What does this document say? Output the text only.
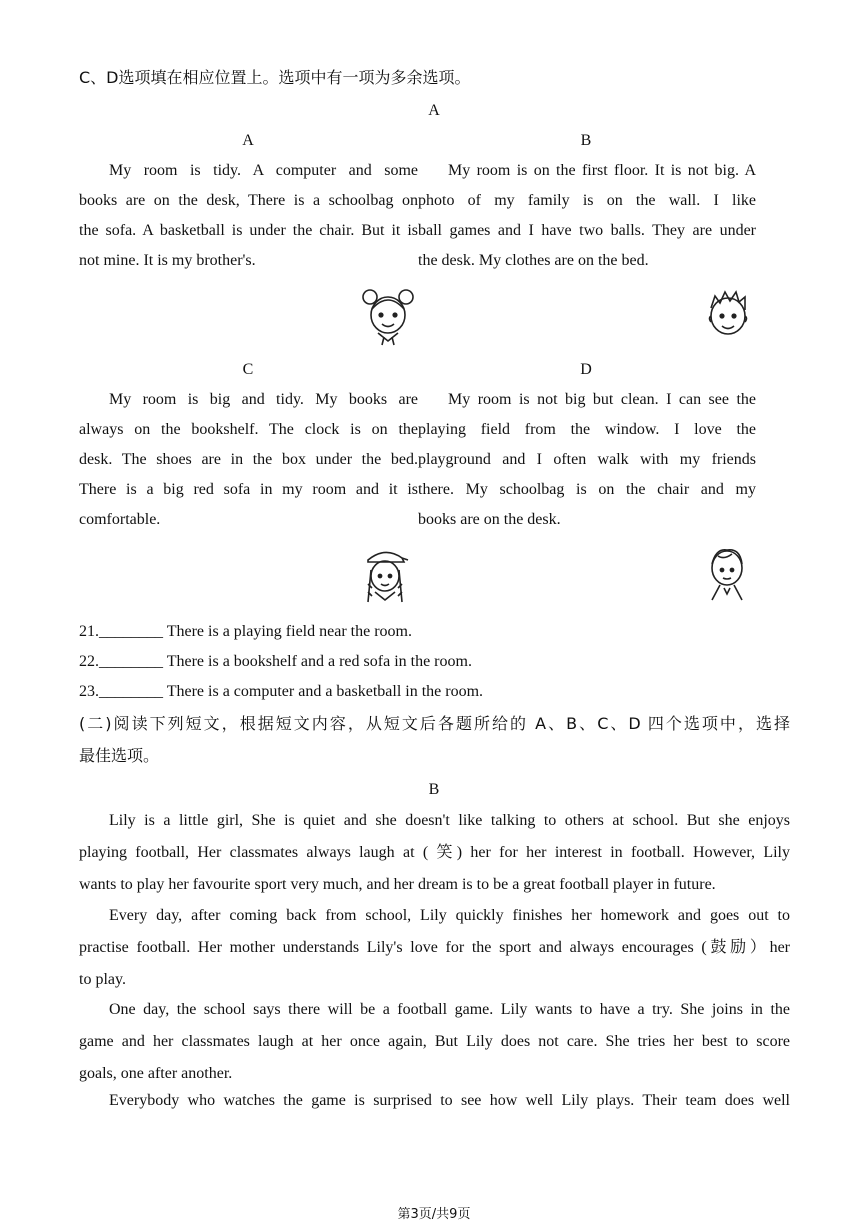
C、D选项填在相应位置上。选项中有一项为多余选项。
A
A	B
My room is tidy. A computer and some
books are on the desk, There is a schoolbag on
the sofa. A basketball is under the chair. But it is
not mine. It is my brother's.
My room is on the first floor. It is not big. A
photo of my family is on the wall. I like
ball games and I have two balls. They are under
the desk. My clothes are on the bed.
C	D
My room is big and tidy. My books are
always on the bookshelf. The clock is on the
desk. The shoes are in the box under the bed.
There is a big red sofa in my room and it is
comfortable.
My room is not big but clean. I can see the
playing field from the window. I love the
playground and I often walk with my friends
there. My schoolbag is on the chair and my
books are on the desk.
21.________ There is a playing field near the room.
22.________ There is a bookshelf and a red sofa in the room.
23.________ There is a computer and a basketball in the room.
(二)阅读下列短文，根据短文内容，从短文后各题所给的 A、B、C、D 四个选项中，选择
最佳选项。
B
Lily is a little girl, She is quiet and she doesn't like talking to others at school. But she enjoys
playing football, Her classmates always laugh at ( 笑) her for her interest in football. However, Lily
wants to play her favourite sport very much, and her dream is to be a great football player in future.
Every day, after coming back from school, Lily quickly finishes her homework and goes out to
practise football. Her mother understands Lily's love for the sport and always encourages (鼓励）her
to play.
One day, the school says there will be a football game. Lily wants to have a try. She joins in the
game and her classmates laugh at her once again, But Lily does not care. She tries her best to score
goals, one after another.
Everybody who watches the game is surprised to see how well Lily plays. Their team does well
第3页/共9页
